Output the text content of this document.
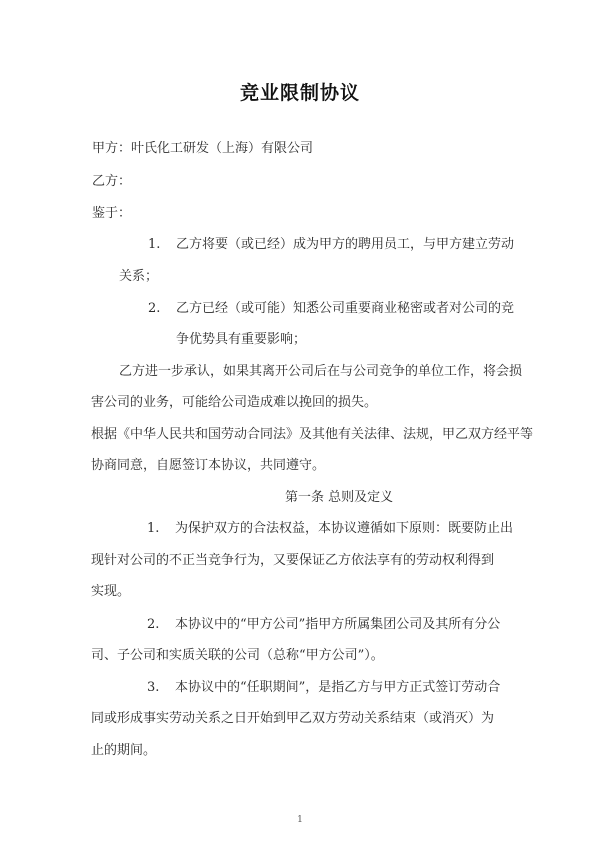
竞业限制协议
甲方：叶氏化工研发（上海）有限公司
乙方：
鉴于：
1. 乙方将要（或已经）成为甲方的聘用员工，与甲方建立劳动
关系；
2. 乙方已经（或可能）知悉公司重要商业秘密或者对公司的竞
争优势具有重要影响；
乙方进一步承认，如果其离开公司后在与公司竞争的单位工作，将会损
害公司的业务，可能给公司造成难以挽回的损失。
根据《中华人民共和国劳动合同法》及其他有关法律、法规，甲乙双方经平等
协商同意，自愿签订本协议，共同遵守。
第一条 总则及定义
1. 为保护双方的合法权益，本协议遵循如下原则：既要防止出
现针对公司的不正当竞争行为，又要保证乙方依法享有的劳动权利得到
实现。
2. 本协议中的“甲方公司”指甲方所属集团公司及其所有分公
司、子公司和实质关联的公司（总称“甲方公司”）。
3. 本协议中的“任职期间”，是指乙方与甲方正式签订劳动合
同或形成事实劳动关系之日开始到甲乙双方劳动关系结束（或消灭）为
止的期间。
1
